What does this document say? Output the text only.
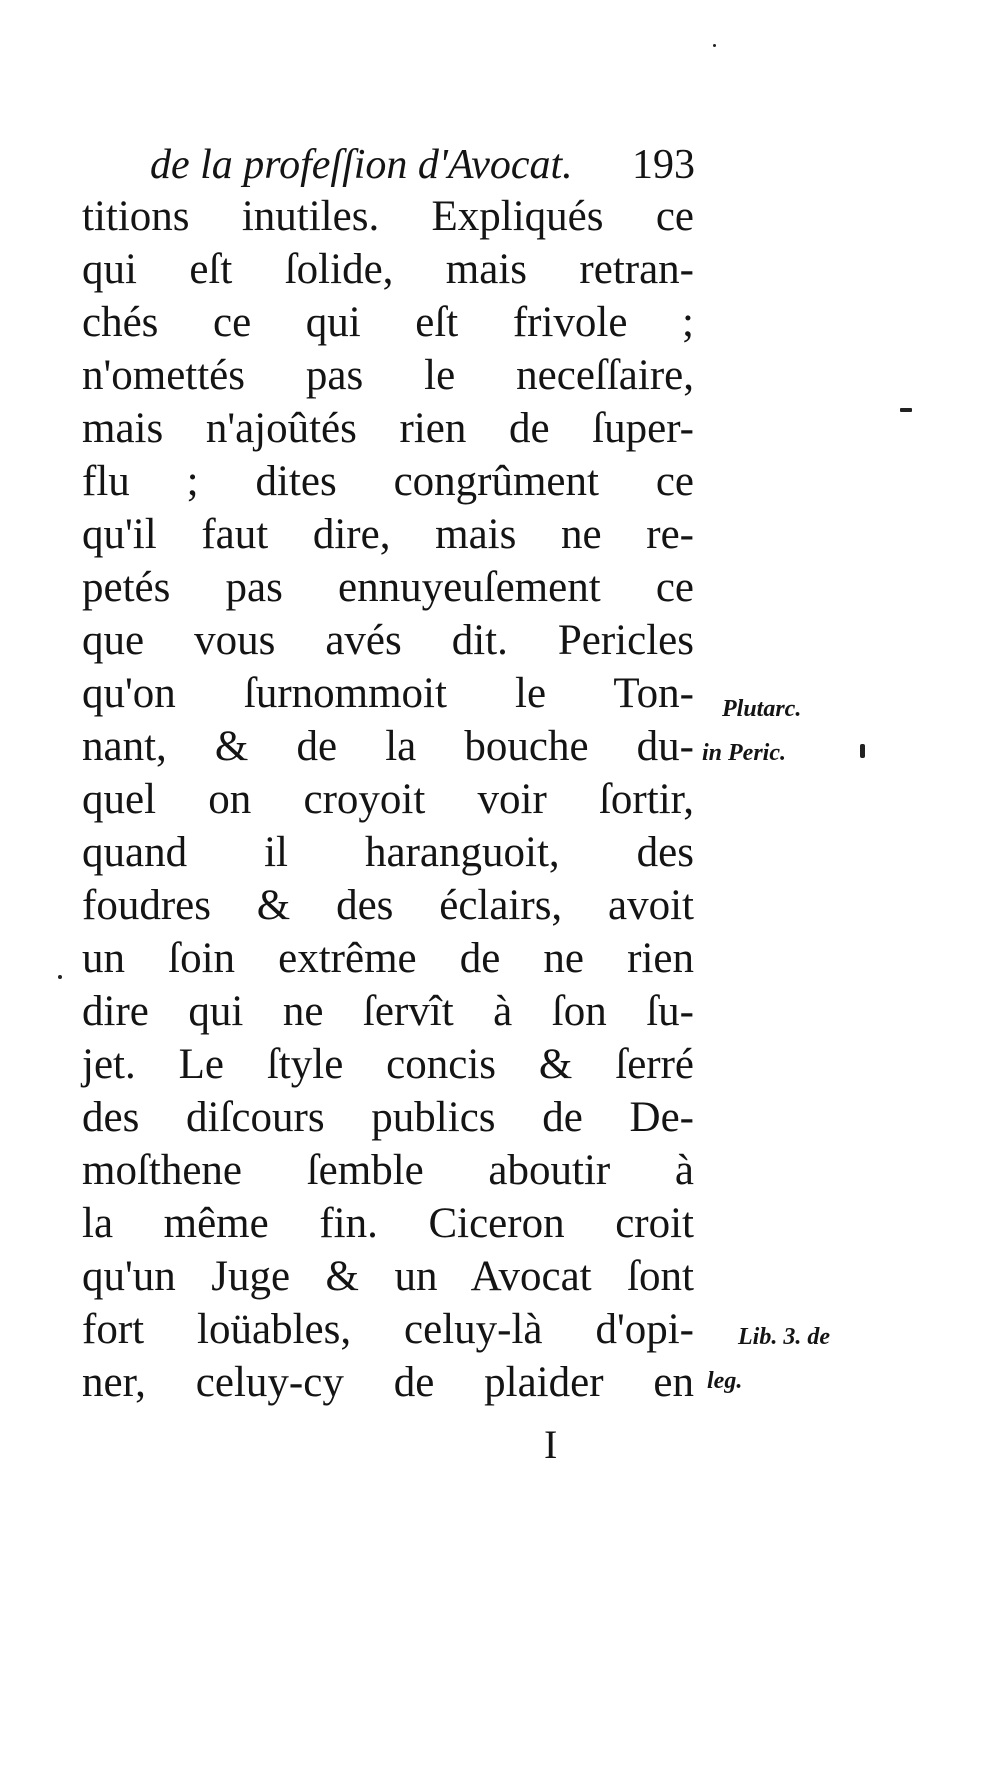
de la profeſſion d'Avocat. 193
titions inutiles. Expliqués ce
qui eſt ſolide, mais retran-
chés ce qui eſt frivole ;
n'omettés pas le neceſſaire,
mais n'ajoûtés rien de ſuper-
flu ; dites congrûment ce
qu'il faut dire, mais ne re-
petés pas ennuyeuſement ce
que vous avés dit. Pericles
qu'on ſurnommoit le Ton-
nant, & de la bouche du-
quel on croyoit voir ſortir,
quand il haranguoit, des
foudres & des éclairs, avoit
un ſoin extrême de ne rien
dire qui ne ſervît à ſon ſu-
jet. Le ſtyle concis & ſerré
des diſcours publics de De-
moſthene ſemble aboutir à
la même fin. Ciceron croit
qu'un Juge & un Avocat ſont
fort loüables, celuy-là d'opi-
ner, celuy-cy de plaider en
Plutarc.
in Peric.
Lib. 3. de
leg.
I
